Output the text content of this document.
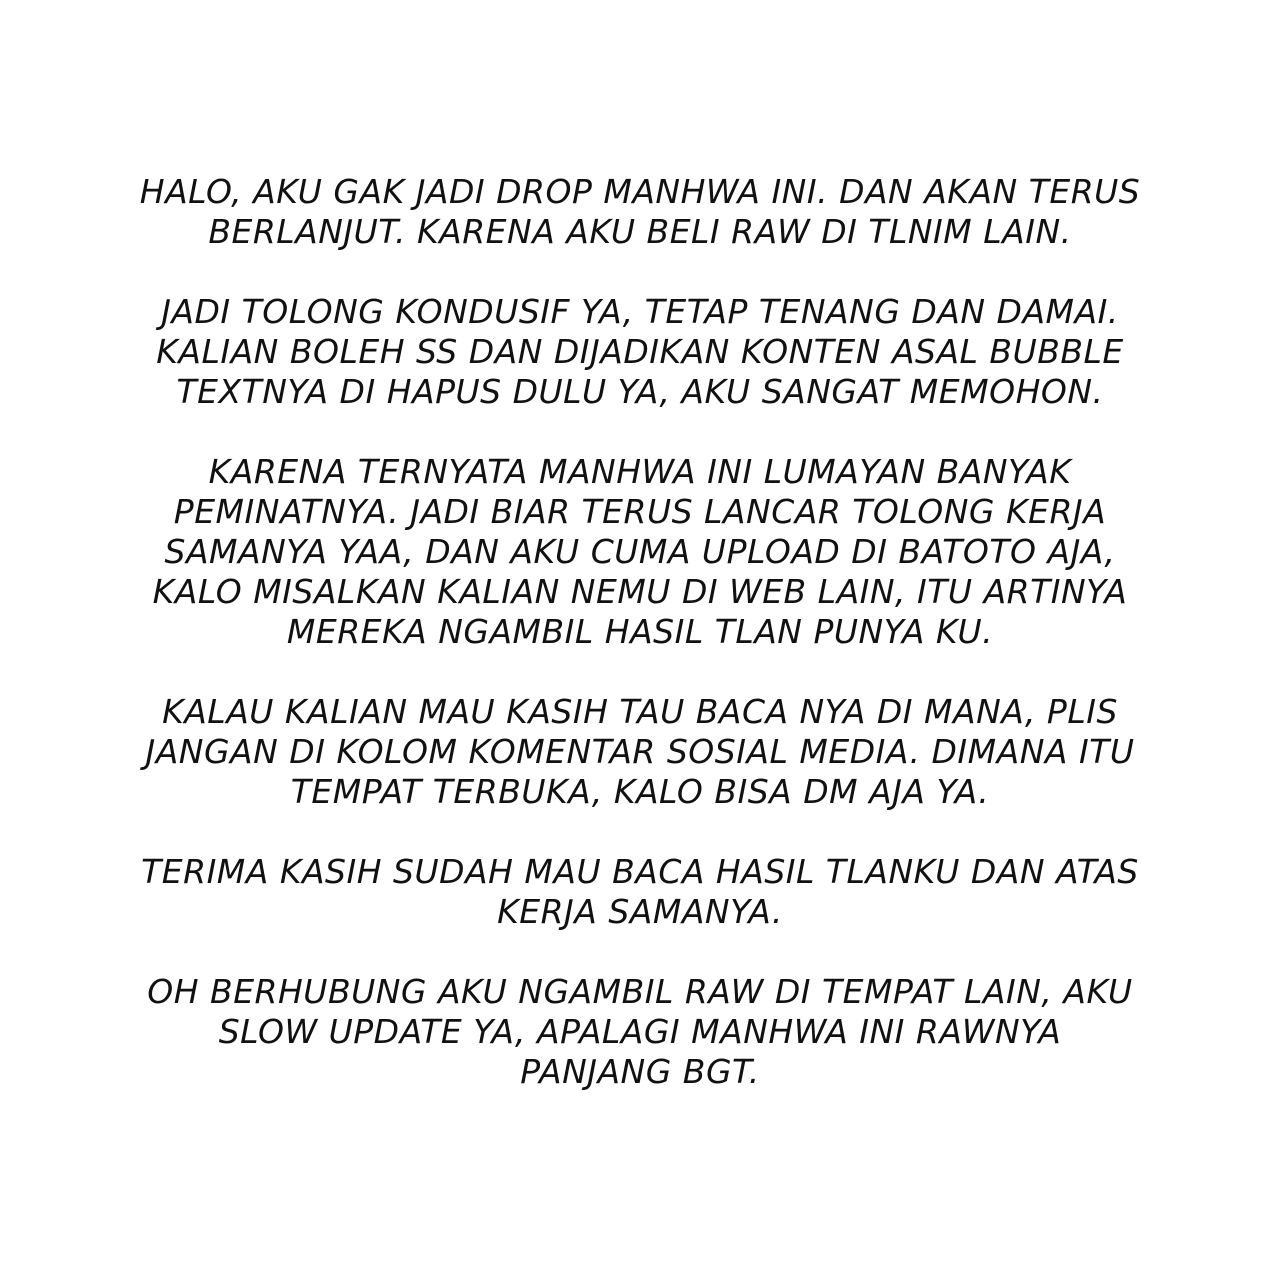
HALO, AKU GAK JADI DROP MANHWA INI. DAN AKAN TERUS
BERLANJUT. KARENA AKU BELI RAW DI TLNIM LAIN.

JADI TOLONG KONDUSIF YA, TETAP TENANG DAN DAMAI.
KALIAN BOLEH SS DAN DIJADIKAN KONTEN ASAL BUBBLE
TEXTNYA DI HAPUS DULU YA, AKU SANGAT MEMOHON.

KARENA TERNYATA MANHWA INI LUMAYAN BANYAK
PEMINATNYA. JADI BIAR TERUS LANCAR TOLONG KERJA
SAMANYA YAA, DAN AKU CUMA UPLOAD DI BATOTO AJA,
KALO MISALKAN KALIAN NEMU DI WEB LAIN, ITU ARTINYA
MEREKA NGAMBIL HASIL TLAN PUNYA KU.

KALAU KALIAN MAU KASIH TAU BACA NYA DI MANA, PLIS
JANGAN DI KOLOM KOMENTAR SOSIAL MEDIA. DIMANA ITU
TEMPAT TERBUKA, KALO BISA DM AJA YA.

TERIMA KASIH SUDAH MAU BACA HASIL TLANKU DAN ATAS
KERJA SAMANYA.

OH BERHUBUNG AKU NGAMBIL RAW DI TEMPAT LAIN, AKU
SLOW UPDATE YA, APALAGI MANHWA INI RAWNYA
PANJANG BGT.
